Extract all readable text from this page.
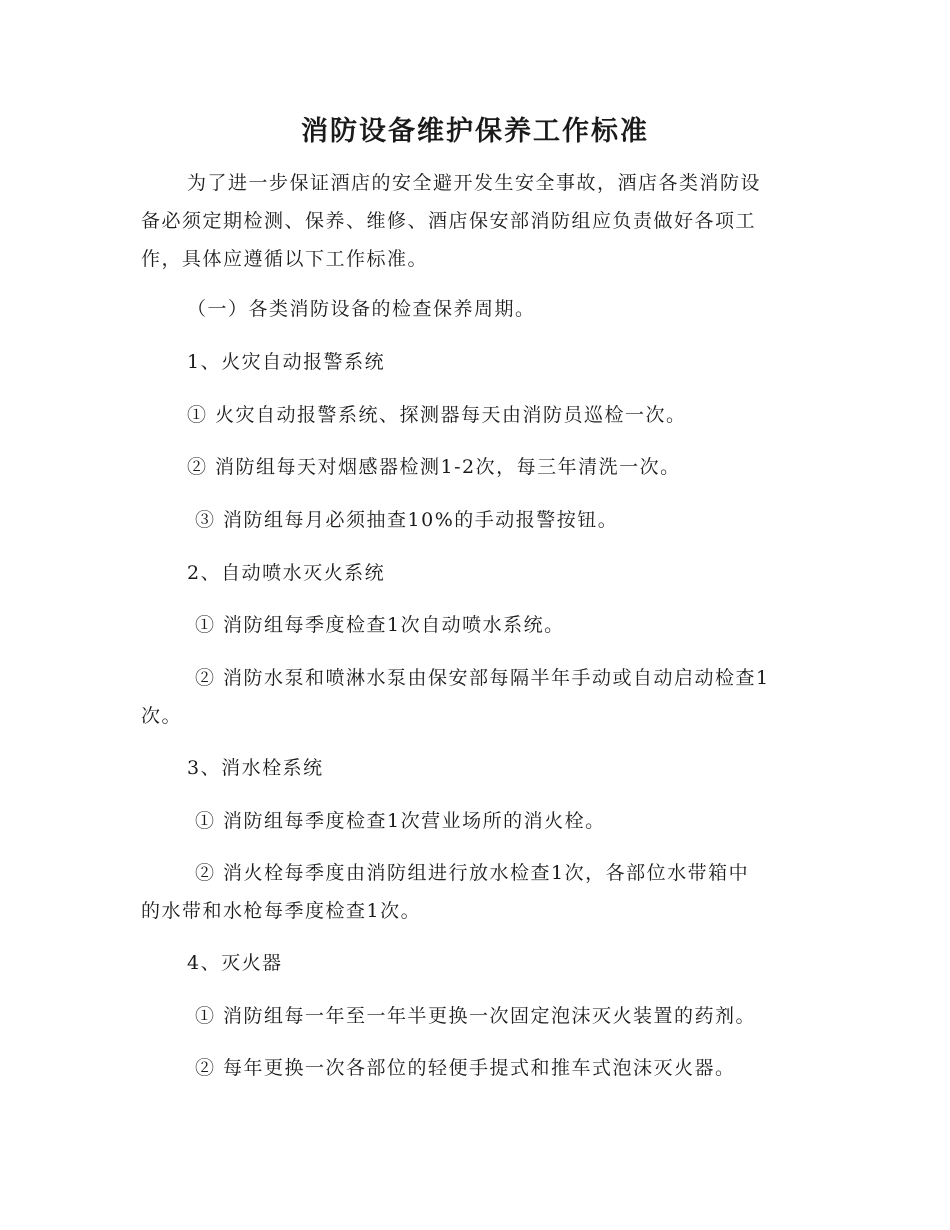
消防设备维护保养工作标准
为了进一步保证酒店的安全避开发生安全事故，酒店各类消防设
备必须定期检测、保养、维修、酒店保安部消防组应负责做好各项工
作，具体应遵循以下工作标准。

（一）各类消防设备的检查保养周期。

1、火灾自动报警系统

① 火灾自动报警系统、探测器每天由消防员巡检一次。

② 消防组每天对烟感器检测1-2次，每三年清洗一次。

③ 消防组每月必须抽查10%的手动报警按钮。

2、自动喷水灭火系统

① 消防组每季度检查1次自动喷水系统。

② 消防水泵和喷淋水泵由保安部每隔半年手动或自动启动检查1
次。

3、消水栓系统

① 消防组每季度检查1次营业场所的消火栓。

② 消火栓每季度由消防组进行放水检查1次，各部位水带箱中
的水带和水枪每季度检查1次。

4、灭火器

① 消防组每一年至一年半更换一次固定泡沫灭火装置的药剂。

② 每年更换一次各部位的轻便手提式和推车式泡沫灭火器。
